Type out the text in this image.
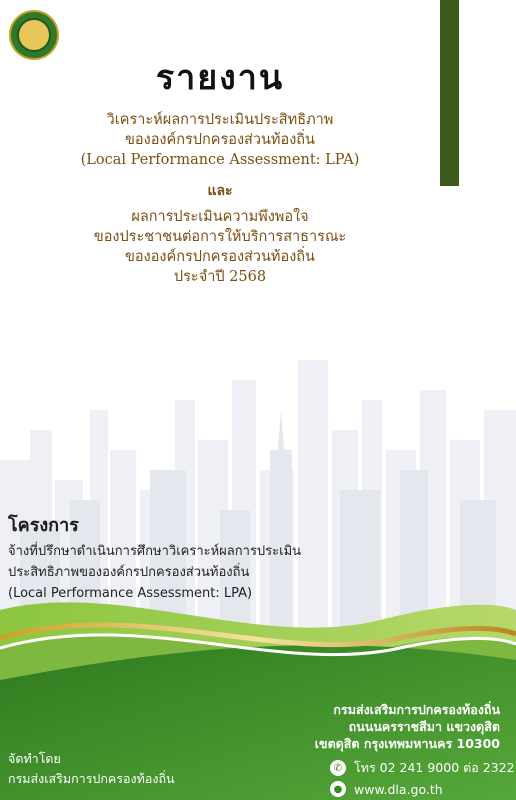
รายงาน
วิเคราะห์ผลการประเมินประสิทธิภาพ
ขององค์กรปกครองส่วนท้องถิ่น
(Local Performance Assessment: LPA)
และ
ผลการประเมินความพึงพอใจ
ของประชาชนต่อการให้บริการสาธารณะ
ขององค์กรปกครองส่วนท้องถิ่น
ประจำปี 2568
โครงการ
จ้างที่ปรึกษาดำเนินการศึกษาวิเคราะห์ผลการประเมิน
ประสิทธิภาพขององค์กรปกครองส่วนท้องถิ่น
(Local Performance Assessment: LPA)
กรมส่งเสริมการปกครองท้องถิ่น
ถนนนครราชสีมา แขวงดุสิต
เขตดุสิต กรุงเทพมหานคร 10300
✆ โทร 02 241 9000 ต่อ 2322
● www.dla.go.th
จัดทำโดย
กรมส่งเสริมการปกครองท้องถิ่น
